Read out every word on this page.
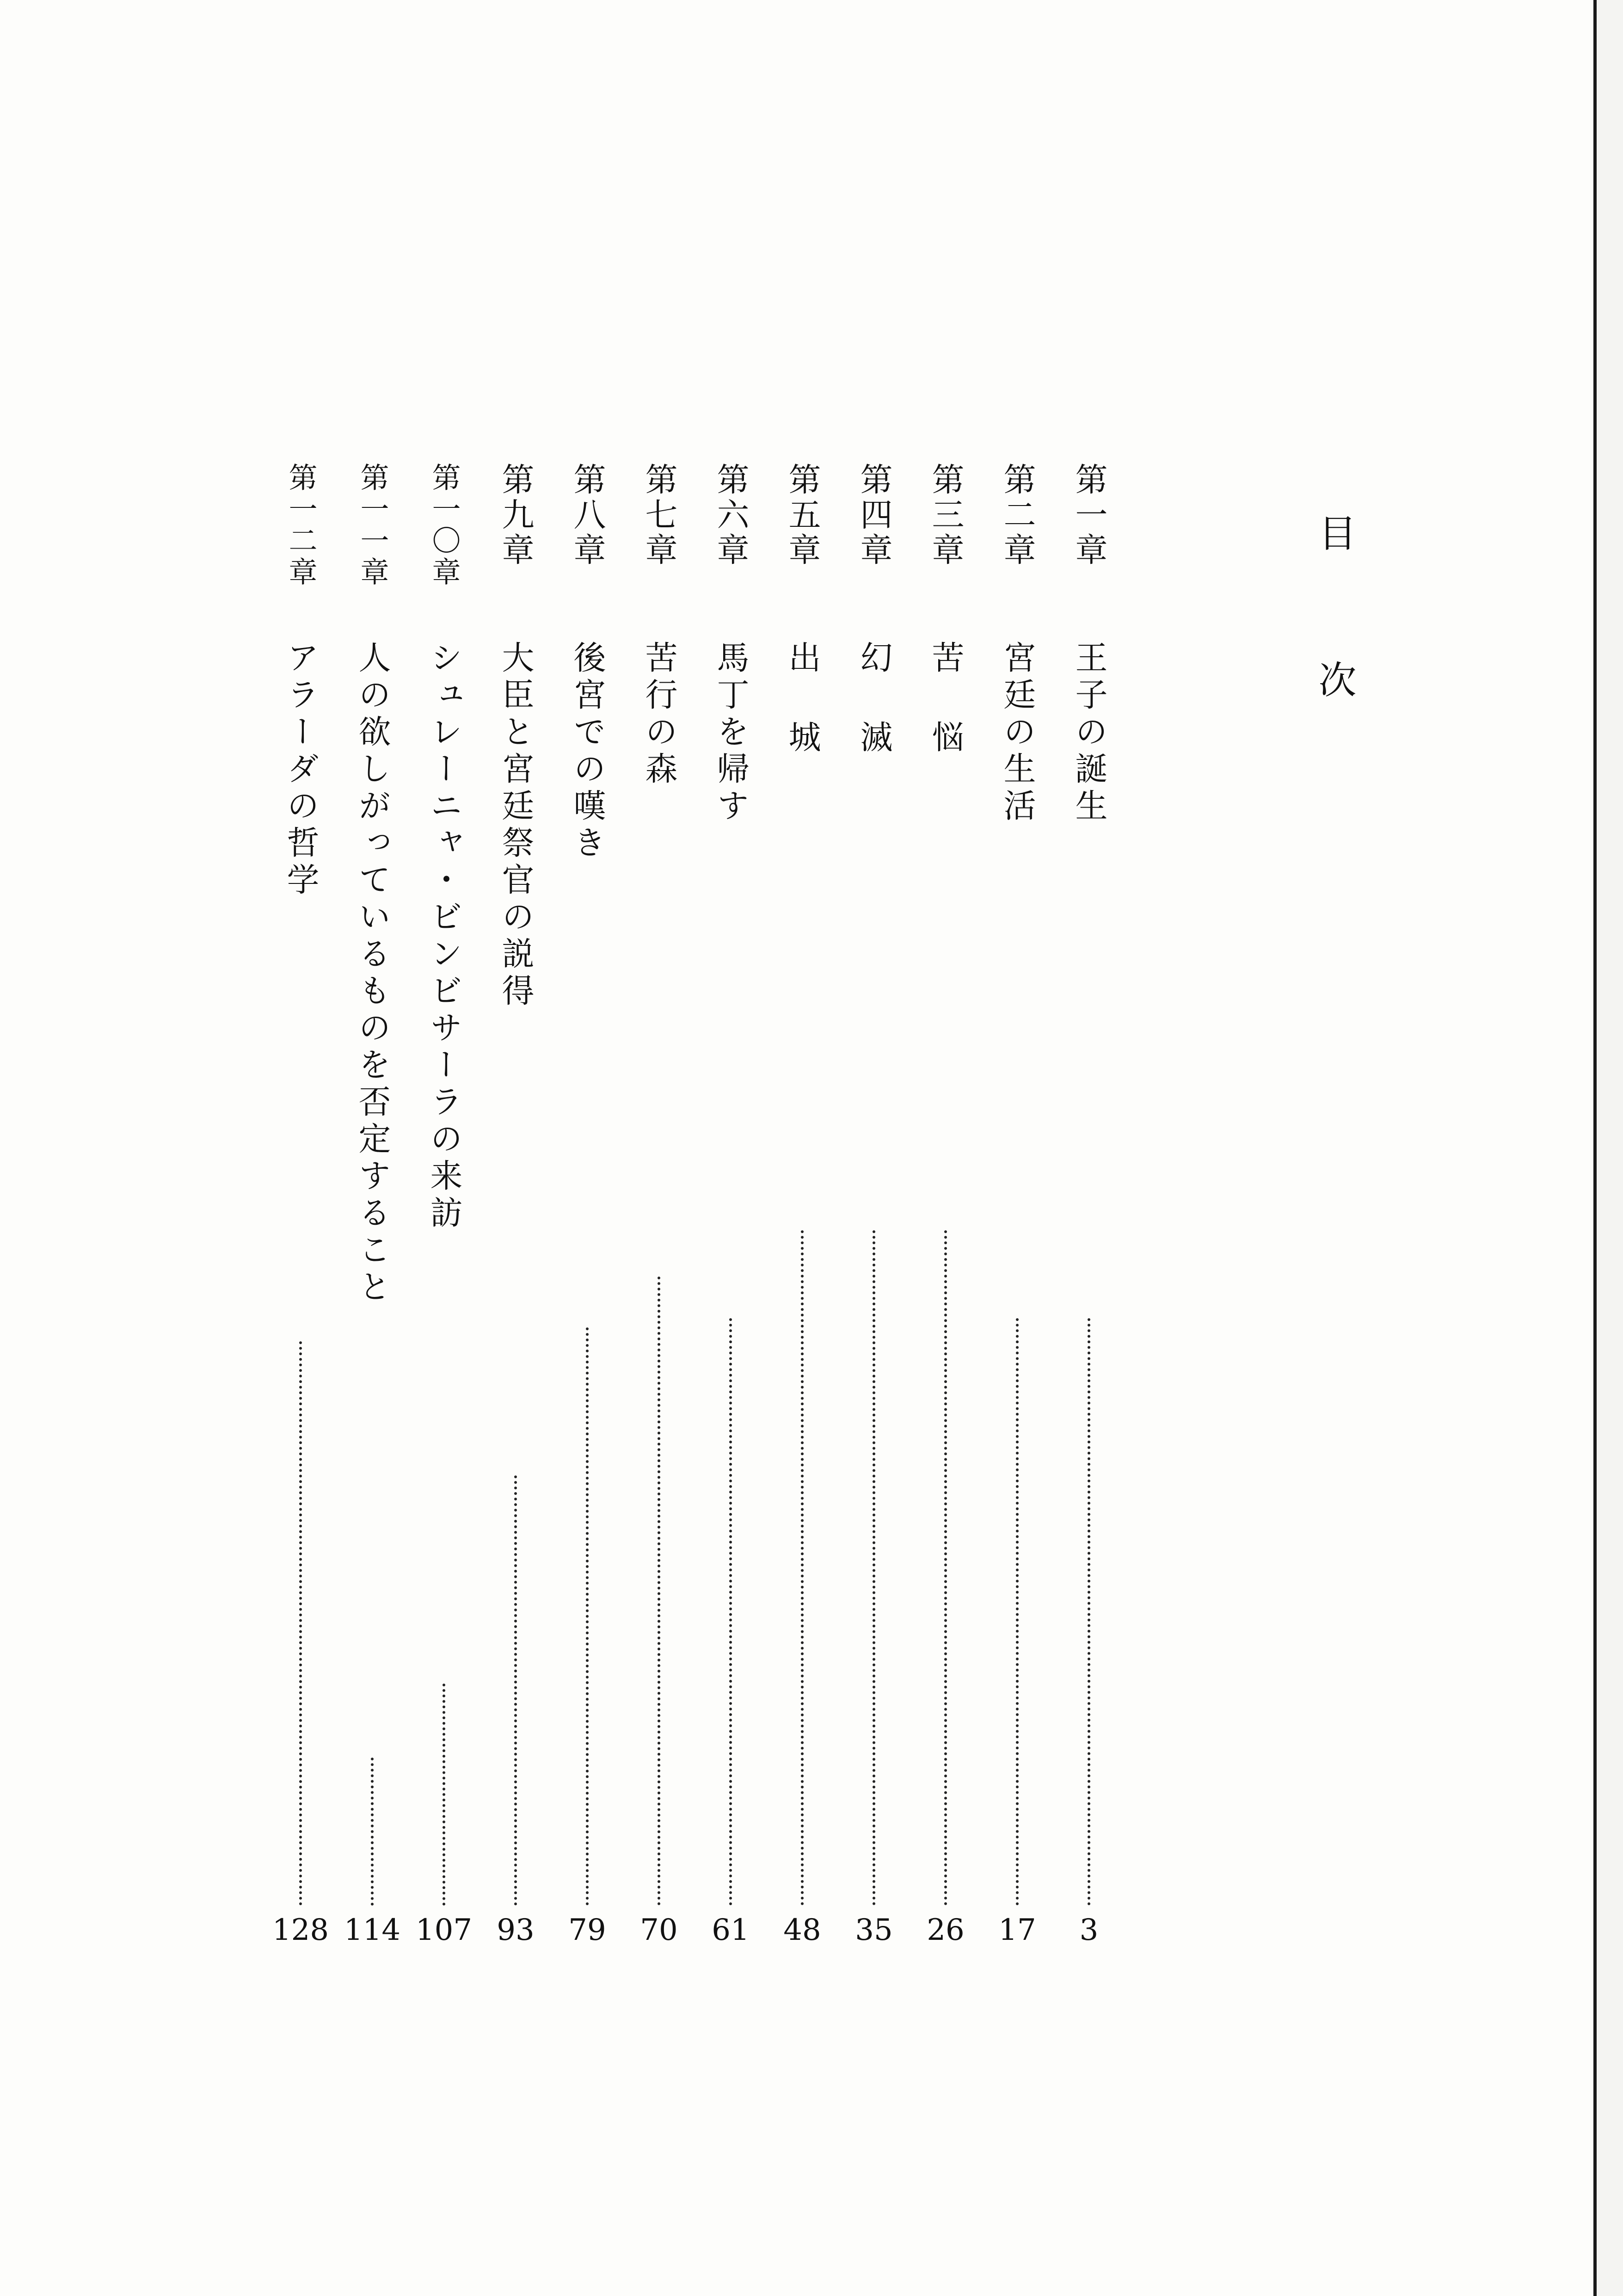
目 次
第一章
王子の誕生
3
第二章
宮廷の生活
17
第三章
苦 悩
26
第四章
幻 滅
35
第五章
出 城
48
第六章
馬丁を帰す
61
第七章
苦行の森
70
第八章
後宮での嘆き
79
第九章
大臣と宮廷祭官の説得
93
第一〇章
シュレーニャ・ビンビサーラの来訪
107
第一一章
人の欲しがっているものを否定すること
114
第一二章
アラーダの哲学
128
